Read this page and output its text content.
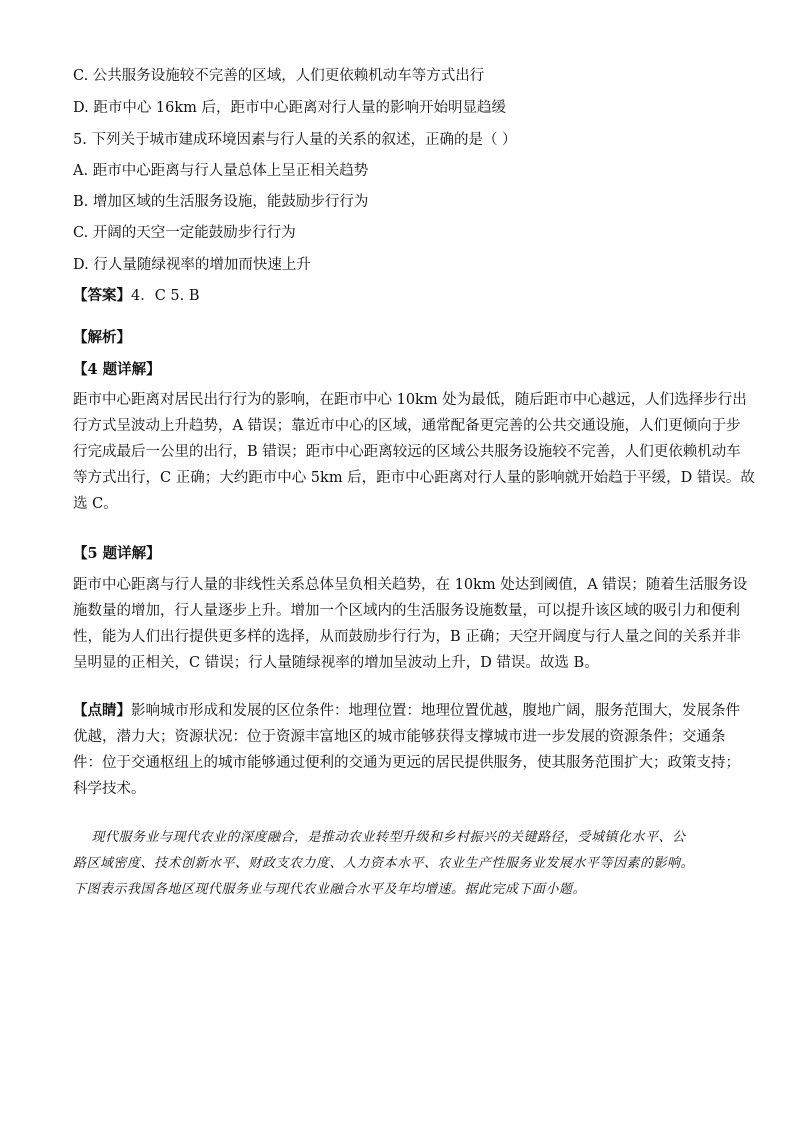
C. 公共服务设施较不完善的区域，人们更依赖机动车等方式出行
D. 距市中心 16km 后，距市中心距离对行人量的影响开始明显趋缓
5. 下列关于城市建成环境因素与行人量的关系的叙述，正确的是（ ）
A. 距市中心距离与行人量总体上呈正相关趋势
B. 增加区域的生活服务设施，能鼓励步行行为
C. 开阔的天空一定能鼓励步行行为
D. 行人量随绿视率的增加而快速上升
【答案】4．C 5. B
【解析】
【4 题详解】
距市中心距离对居民出行行为的影响，在距市中心 10km 处为最低，随后距市中心越远，人们选择步行出
行方式呈波动上升趋势，A 错误；靠近市中心的区域，通常配备更完善的公共交通设施，人们更倾向于步
行完成最后一公里的出行，B 错误；距市中心距离较远的区域公共服务设施较不完善，人们更依赖机动车
等方式出行，C 正确；大约距市中心 5km 后，距市中心距离对行人量的影响就开始趋于平缓，D 错误。故
选 C。
【5 题详解】
距市中心距离与行人量的非线性关系总体呈负相关趋势，在 10km 处达到阈值，A 错误；随着生活服务设
施数量的增加，行人量逐步上升。增加一个区域内的生活服务设施数量，可以提升该区域的吸引力和便利
性，能为人们出行提供更多样的选择，从而鼓励步行行为，B 正确；天空开阔度与行人量之间的关系并非
呈明显的正相关，C 错误；行人量随绿视率的增加呈波动上升，D 错误。故选 B。
【点睛】影响城市形成和发展的区位条件：地理位置：地理位置优越，腹地广阔，服务范围大，发展条件
优越，潜力大；资源状况：位于资源丰富地区的城市能够获得支撑城市进一步发展的资源条件；交通条
件：位于交通枢纽上的城市能够通过便利的交通为更远的居民提供服务，使其服务范围扩大；政策支持；
科学技术。
现代服务业与现代农业的深度融合，是推动农业转型升级和乡村振兴的关键路径，受城镇化水平、公
路区域密度、技术创新水平、财政支农力度、人力资本水平、农业生产性服务业发展水平等因素的影响。
下图表示我国各地区现代服务业与现代农业融合水平及年均增速。据此完成下面小题。
